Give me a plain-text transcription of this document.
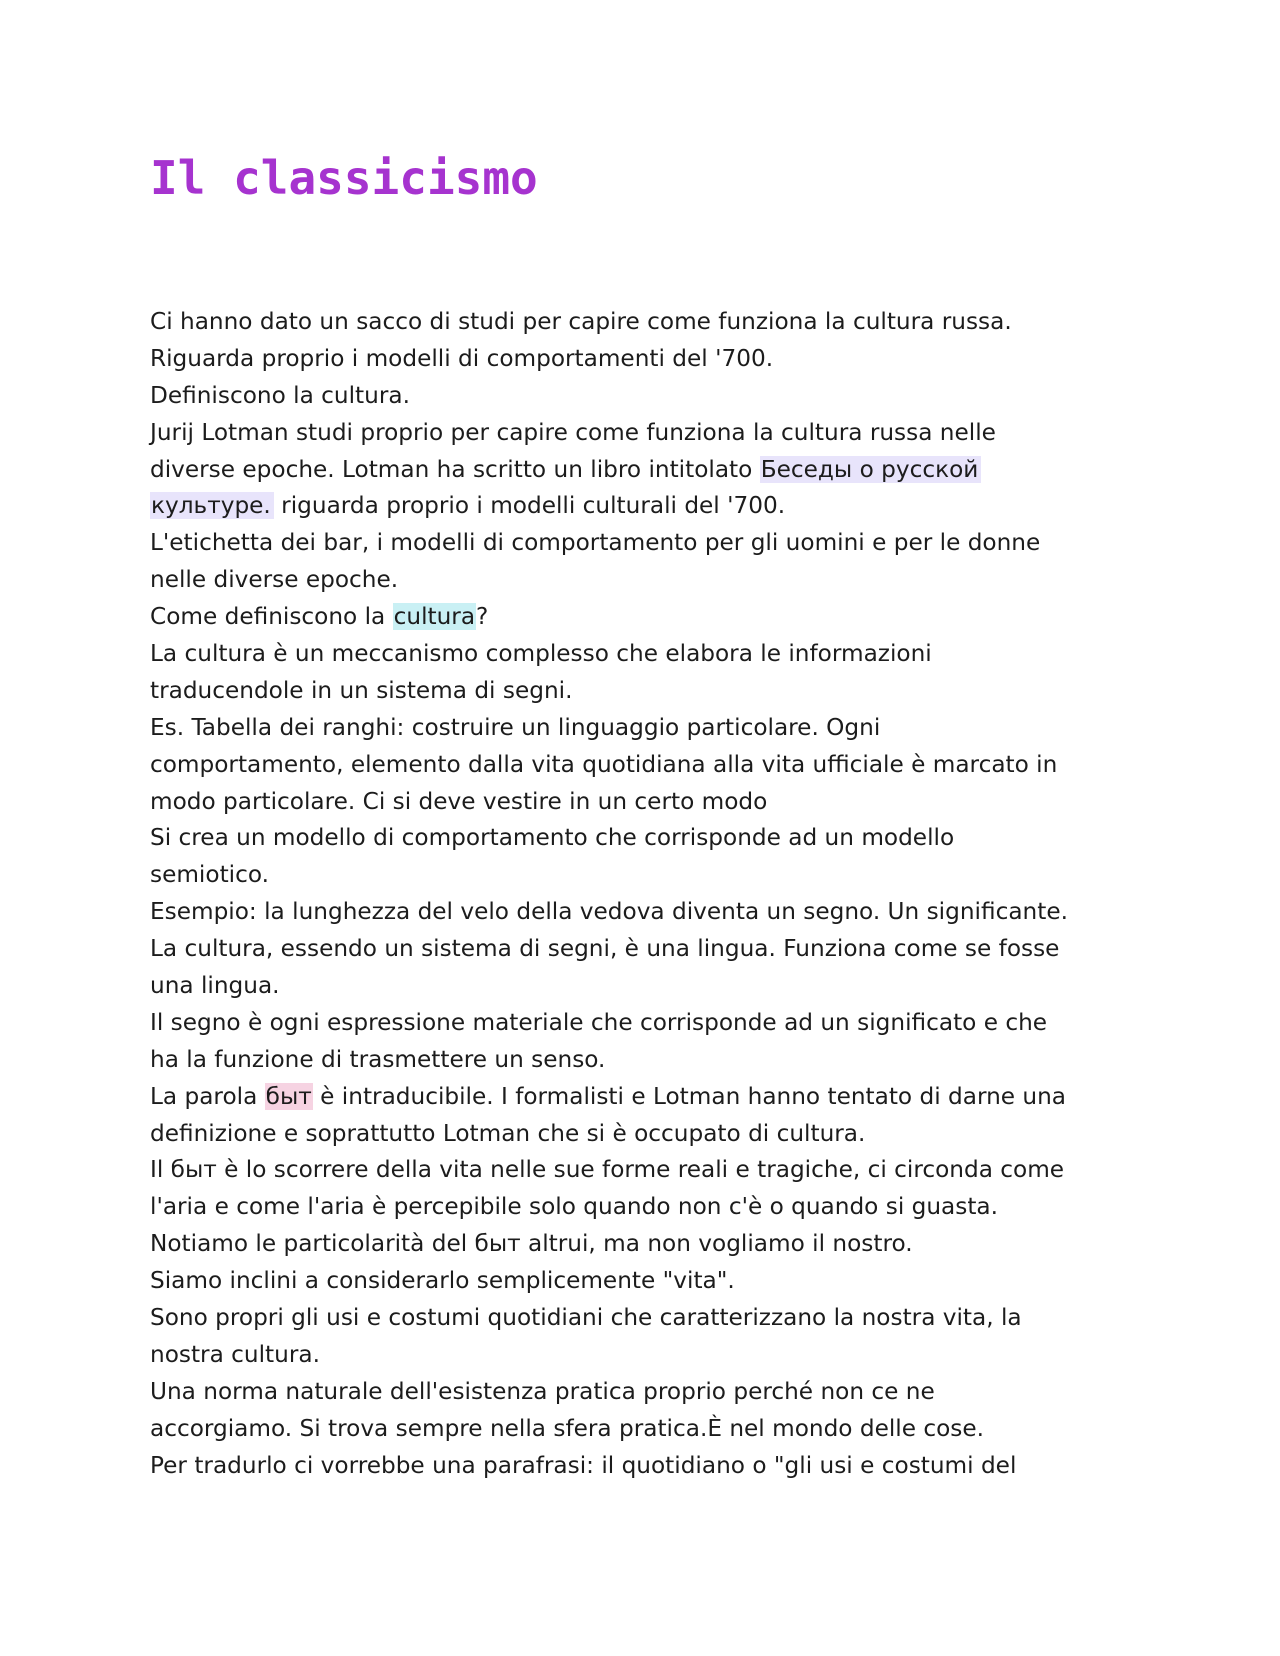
Il classicismo
Ci hanno dato un sacco di studi per capire come funziona la cultura russa.
Riguarda proprio i modelli di comportamenti del '700.
Definiscono la cultura.
Jurij Lotman studi proprio per capire come funziona la cultura russa nelle
diverse epoche. Lotman ha scritto un libro intitolato Беседы о русской
культуре. riguarda proprio i modelli culturali del '700.
L'etichetta dei bar, i modelli di comportamento per gli uomini e per le donne
nelle diverse epoche.
Come definiscono la cultura?
La cultura è un meccanismo complesso che elabora le informazioni
traducendole in un sistema di segni.
Es. Tabella dei ranghi: costruire un linguaggio particolare. Ogni
comportamento, elemento dalla vita quotidiana alla vita ufficiale è marcato in
modo particolare. Ci si deve vestire in un certo modo
Si crea un modello di comportamento che corrisponde ad un modello
semiotico.
Esempio: la lunghezza del velo della vedova diventa un segno. Un significante.
La cultura, essendo un sistema di segni, è una lingua. Funziona come se fosse
una lingua.
Il segno è ogni espressione materiale che corrisponde ad un significato e che
ha la funzione di trasmettere un senso.
La parola быт è intraducibile. I formalisti e Lotman hanno tentato di darne una
definizione e soprattutto Lotman che si è occupato di cultura.
Il быт è lo scorrere della vita nelle sue forme reali e tragiche, ci circonda come
l'aria e come l'aria è percepibile solo quando non c'è o quando si guasta.
Notiamo le particolarità del быт altrui, ma non vogliamo il nostro.
Siamo inclini a considerarlo semplicemente "vita".
Sono propri gli usi e costumi quotidiani che caratterizzano la nostra vita, la
nostra cultura.
Una norma naturale dell'esistenza pratica proprio perché non ce ne
accorgiamo. Si trova sempre nella sfera pratica.È nel mondo delle cose.
Per tradurlo ci vorrebbe una parafrasi: il quotidiano o "gli usi e costumi del
